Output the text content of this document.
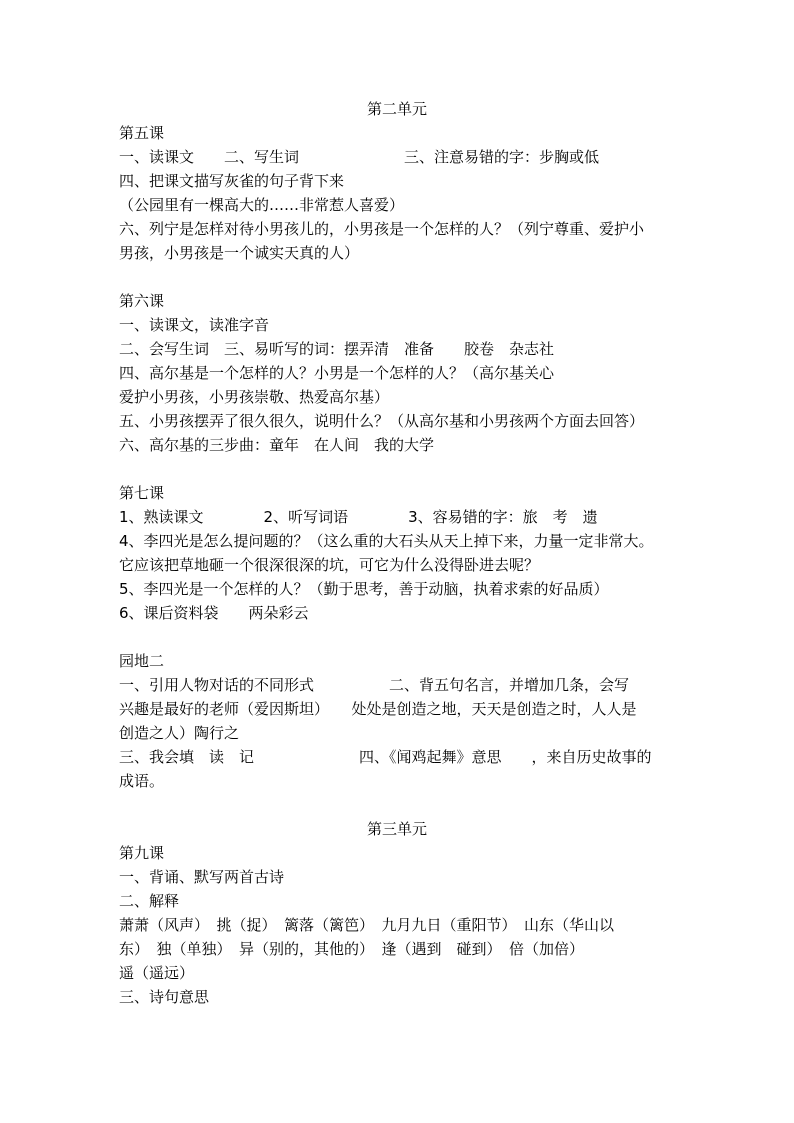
第二单元
第五课
一、读课文　　二、写生词　　　　　　　三、注意易错的字：步胸或低
四、把课文描写灰雀的句子背下来
（公园里有一棵高大的……非常惹人喜爱）
六、列宁是怎样对待小男孩儿的，小男孩是一个怎样的人？（列宁尊重、爱护小
男孩，小男孩是一个诚实天真的人）
第六课
一、读课文，读准字音
二、会写生词　三、易听写的词：摆弄清　准备　　胶卷　杂志社
四、高尔基是一个怎样的人？小男是一个怎样的人？（高尔基关心
爱护小男孩，小男孩崇敬、热爱高尔基）
五、小男孩摆弄了很久很久，说明什么？（从高尔基和小男孩两个方面去回答）
六、高尔基的三步曲：童年　在人间　我的大学
第七课
1、熟读课文　　　　2、听写词语　　　　3、容易错的字：旅　考　遗
4、李四光是怎么提问题的？（这么重的大石头从天上掉下来，力量一定非常大。
它应该把草地砸一个很深很深的坑，可它为什么没得卧进去呢？
5、李四光是一个怎样的人？（勤于思考，善于动脑，执着求索的好品质）
6、课后资料袋　　两朵彩云
园地二
一、引用人物对话的不同形式　　　　　二、背五句名言，并增加几条，会写
兴趣是最好的老师（爱因斯坦）　　处处是创造之地，天天是创造之时，人人是
创造之人）陶行之
三、我会填　读　记　　　　　　　四、《闻鸡起舞》意思　　，来自历史故事的
成语。
第三单元
第九课
一、背诵、默写两首古诗
二、解释
萧萧（风声）　挑（捉）　篱落（篱笆）　九月九日（重阳节）　山东（华山以
东）　独（单独）　异（别的，其他的）　逢（遇到　碰到）　倍（加倍）
遥（遥远）
三、诗句意思
